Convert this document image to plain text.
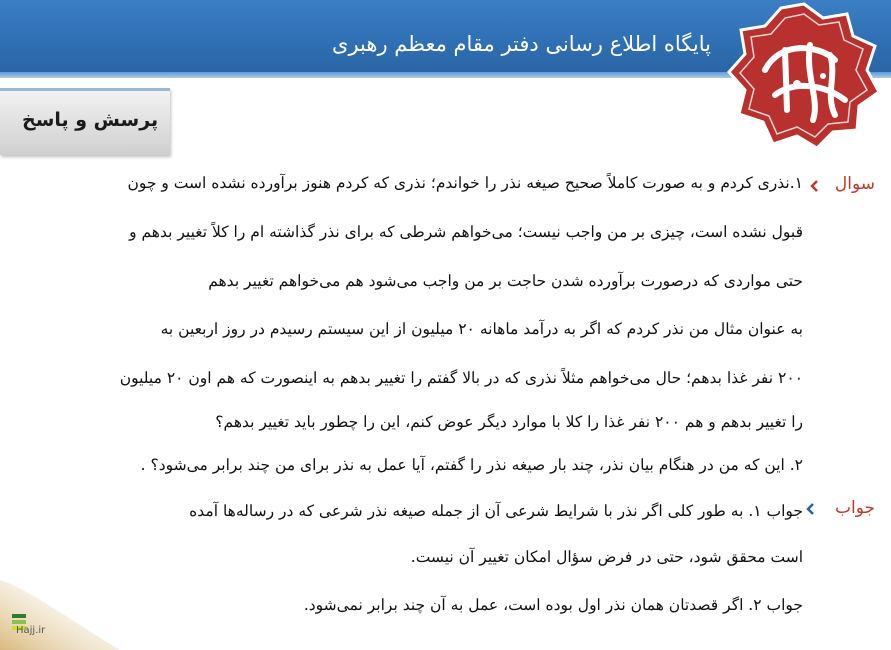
پایگاه اطلاع رسانی دفتر مقام معظم رهبری
پرسش و پاسخ
سوال
۱.نذری کردم و به صورت کاملاً صحیح صیغه نذر را خواندم؛ نذری که کردم هنوز برآورده نشده است و چون
قبول نشده است، چیزی بر من واجب نیست؛ می‌خواهم شرطی که برای نذر گذاشته ام را کلاً تغییر بدهم و
حتی مواردی که درصورت برآورده شدن حاجت بر من واجب می‌شود هم می‌خواهم تغییر بدهم
به عنوان مثال من نذر کردم که اگر به درآمد ماهانه ۲۰ میلیون از این سیستم رسیدم در روز اربعین به
۲۰۰ نفر غذا بدهم؛ حال می‌خواهم مثلاً نذری که در بالا گفتم را تغییر بدهم به اینصورت که هم اون ۲۰ میلیون
را تغییر بدهم و هم ۲۰۰ نفر غذا را کلا با موارد دیگر عوض کنم، این را چطور باید تغییر بدهم؟
۲. این که من در هنگام بیان نذر، چند بار صیغه نذر را گفتم، آیا عمل به نذر برای من چند برابر می‌شود؟ .
جواب
جواب ۱. به طور کلی اگر نذر با شرایط شرعی آن از جمله صیغه نذر شرعی که در رساله‌ها آمده
است محقق شود، حتی در فرض سؤال امکان تغییر آن نیست.
جواب ۲. اگر قصدتان همان نذر اول بوده است، عمل به آن چند برابر نمی‌شود.
Hajj.ir
